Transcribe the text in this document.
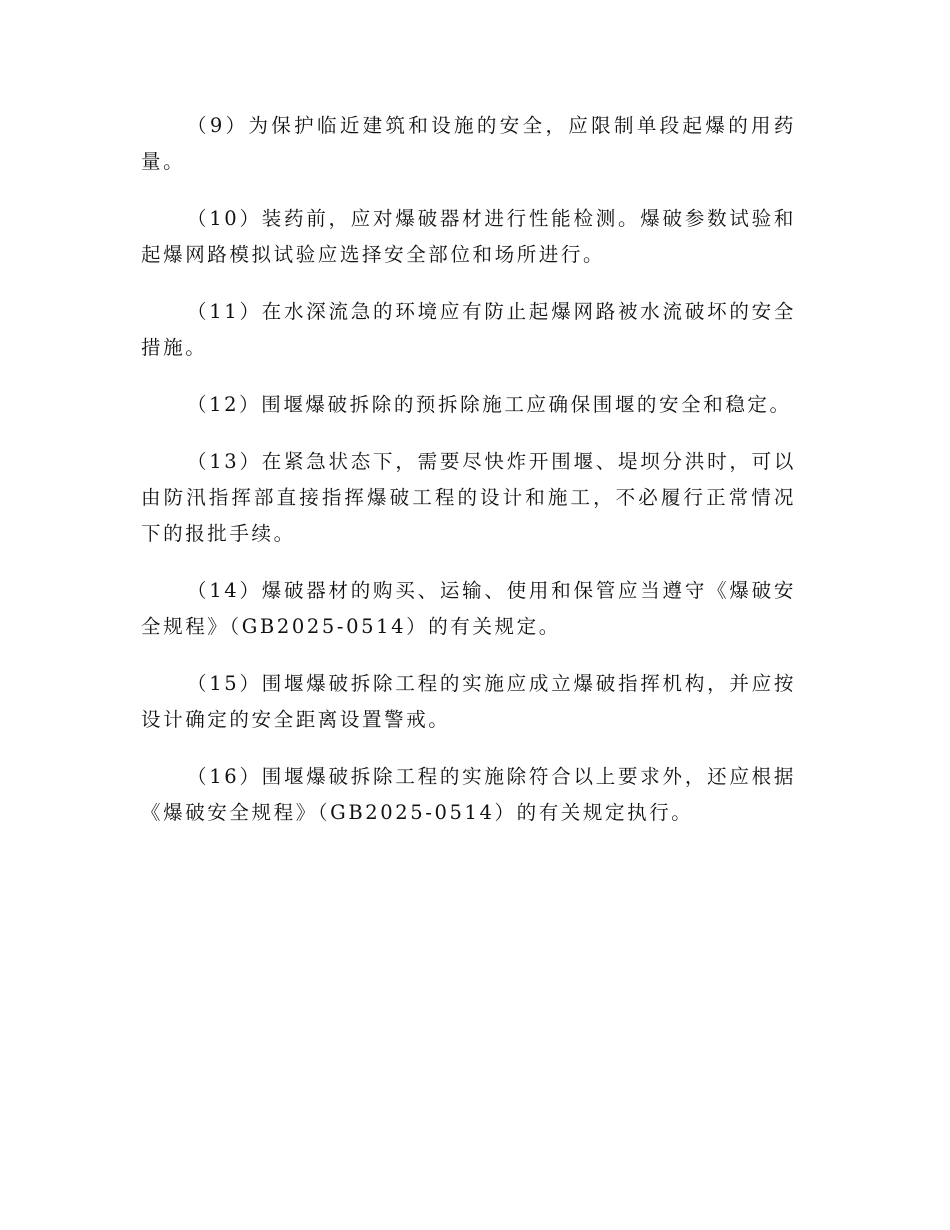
（9）为保护临近建筑和设施的安全，应限制单段起爆的用药量。

（10）装药前，应对爆破器材进行性能检测。爆破参数试验和起爆网路模拟试验应选择安全部位和场所进行。

（11）在水深流急的环境应有防止起爆网路被水流破坏的安全措施。

（12）围堰爆破拆除的预拆除施工应确保围堰的安全和稳定。

（13）在紧急状态下，需要尽快炸开围堰、堤坝分洪时，可以由防汛指挥部直接指挥爆破工程的设计和施工，不必履行正常情况下的报批手续。

（14）爆破器材的购买、运输、使用和保管应当遵守《爆破安全规程》（GB2025-0514）的有关规定。

（15）围堰爆破拆除工程的实施应成立爆破指挥机构，并应按设计确定的安全距离设置警戒。

（16）围堰爆破拆除工程的实施除符合以上要求外，还应根据《爆破安全规程》（GB2025-0514）的有关规定执行。
